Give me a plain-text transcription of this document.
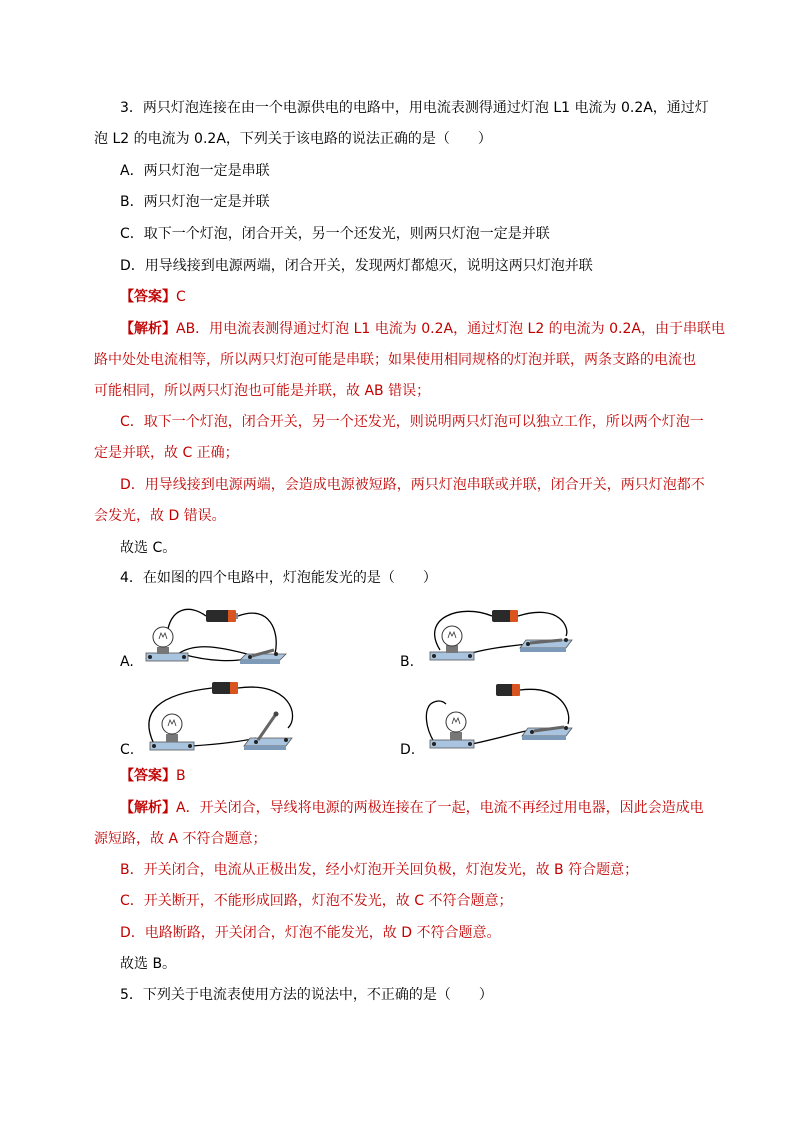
3．两只灯泡连接在由一个电源供电的电路中，用电流表测得通过灯泡 L1 电流为 0.2A，通过灯
泡 L2 的电流为 0.2A，下列关于该电路的说法正确的是（　　）
A．两只灯泡一定是串联
B．两只灯泡一定是并联
C．取下一个灯泡，闭合开关，另一个还发光，则两只灯泡一定是并联
D．用导线接到电源两端，闭合开关，发现两灯都熄灭，说明这两只灯泡并联
【答案】C
【解析】AB．用电流表测得通过灯泡 L1 电流为 0.2A，通过灯泡 L2 的电流为 0.2A，由于串联电
路中处处电流相等，所以两只灯泡可能是串联；如果使用相同规格的灯泡并联，两条支路的电流也
可能相同，所以两只灯泡也可能是并联，故 AB 错误；
C．取下一个灯泡，闭合开关，另一个还发光，则说明两只灯泡可以独立工作，所以两个灯泡一
定是并联，故 C 正确；
D．用导线接到电源两端，会造成电源被短路，两只灯泡串联或并联，闭合开关，两只灯泡都不
会发光，故 D 错误。
故选 C。
4．在如图的四个电路中，灯泡能发光的是（　　）
A.	B.
C.	D.
【答案】B
【解析】A．开关闭合，导线将电源的两极连接在了一起，电流不再经过用电器，因此会造成电
源短路，故 A 不符合题意；
B．开关闭合，电流从正极出发，经小灯泡开关回负极，灯泡发光，故 B 符合题意；
C．开关断开，不能形成回路，灯泡不发光，故 C 不符合题意；
D．电路断路，开关闭合，灯泡不能发光，故 D 不符合题意。
故选 B。
5．下列关于电流表使用方法的说法中，不正确的是（　　）
